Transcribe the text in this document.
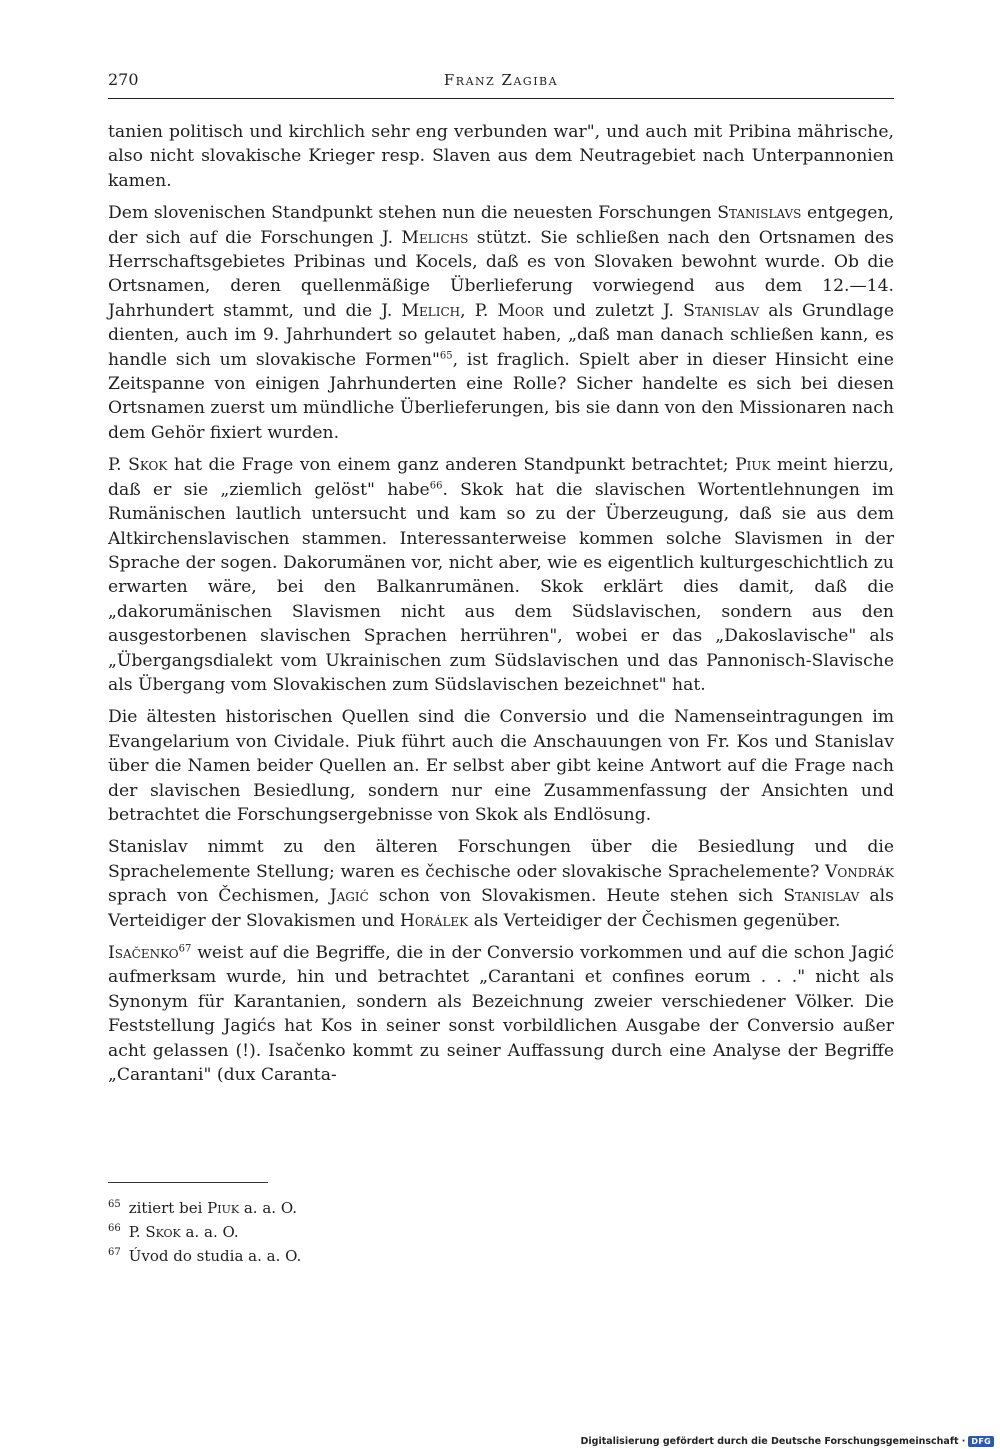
270	Franz Zagiba

tanien politisch und kirchlich sehr eng verbunden war", und auch mit Pribina mährische, also nicht slovakische Krieger resp. Slaven aus dem Neutragebiet nach Unterpannonien kamen.

Dem slovenischen Standpunkt stehen nun die neuesten Forschungen Stanislavs entgegen, der sich auf die Forschungen J. Melichs stützt. Sie schließen nach den Ortsnamen des Herrschaftsgebietes Pribinas und Kocels, daß es von Slovaken bewohnt wurde. Ob die Ortsnamen, deren quellenmäßige Überlieferung vorwiegend aus dem 12.—14. Jahrhundert stammt, und die J. Melich, P. Moor und zuletzt J. Stanislav als Grundlage dienten, auch im 9. Jahrhundert so gelautet haben, „daß man danach schließen kann, es handle sich um slovakische Formen"$^{65}$, ist fraglich. Spielt aber in dieser Hinsicht eine Zeitspanne von einigen Jahrhunderten eine Rolle? Sicher handelte es sich bei diesen Ortsnamen zuerst um mündliche Überlieferungen, bis sie dann von den Missionaren nach dem Gehör fixiert wurden.

P. Skok hat die Frage von einem ganz anderen Standpunkt betrachtet; Piuk meint hierzu, daß er sie „ziemlich gelöst" habe$^{66}$. Skok hat die slavischen Wortentlehnungen im Rumänischen lautlich untersucht und kam so zu der Überzeugung, daß sie aus dem Altkirchenslavischen stammen. Interessanterweise kommen solche Slavismen in der Sprache der sogen. Dakorumänen vor, nicht aber, wie es eigentlich kulturgeschichtlich zu erwarten wäre, bei den Balkanrumänen. Skok erklärt dies damit, daß die „dakorumänischen Slavismen nicht aus dem Südslavischen, sondern aus den ausgestorbenen slavischen Sprachen herrühren", wobei er das „Dakoslavische" als „Übergangsdialekt vom Ukrainischen zum Südslavischen und das Pannonisch-Slavische als Übergang vom Slovakischen zum Südslavischen bezeichnet" hat.

Die ältesten historischen Quellen sind die Conversio und die Namenseintragungen im Evangelarium von Cividale. Piuk führt auch die Anschauungen von Fr. Kos und Stanislav über die Namen beider Quellen an. Er selbst aber gibt keine Antwort auf die Frage nach der slavischen Besiedlung, sondern nur eine Zusammenfassung der Ansichten und betrachtet die Forschungsergebnisse von Skok als Endlösung.

Stanislav nimmt zu den älteren Forschungen über die Besiedlung und die Sprachelemente Stellung; waren es čechische oder slovakische Sprachelemente? Vondrák sprach von Čechismen, Jagić schon von Slovakismen. Heute stehen sich Stanislav als Verteidiger der Slovakismen und Horálek als Verteidiger der Čechismen gegenüber.

Isačenko$^{67}$ weist auf die Begriffe, die in der Conversio vorkommen und auf die schon Jagić aufmerksam wurde, hin und betrachtet „Carantani et confines eorum . . ." nicht als Synonym für Karantanien, sondern als Bezeichnung zweier verschiedener Völker. Die Feststellung Jagićs hat Kos in seiner sonst vorbildlichen Ausgabe der Conversio außer acht gelassen (!). Isačenko kommt zu seiner Auffassung durch eine Analyse der Begriffe „Carantani" (dux Caranta-

$^{65}$ zitiert bei Piuk a. a. O.
$^{66}$ P. Skok a. a. O.
$^{67}$ Úvod do studia a. a. O.
Digitalisierung gefördert durch die Deutsche Forschungsgemeinschaft · DFG
